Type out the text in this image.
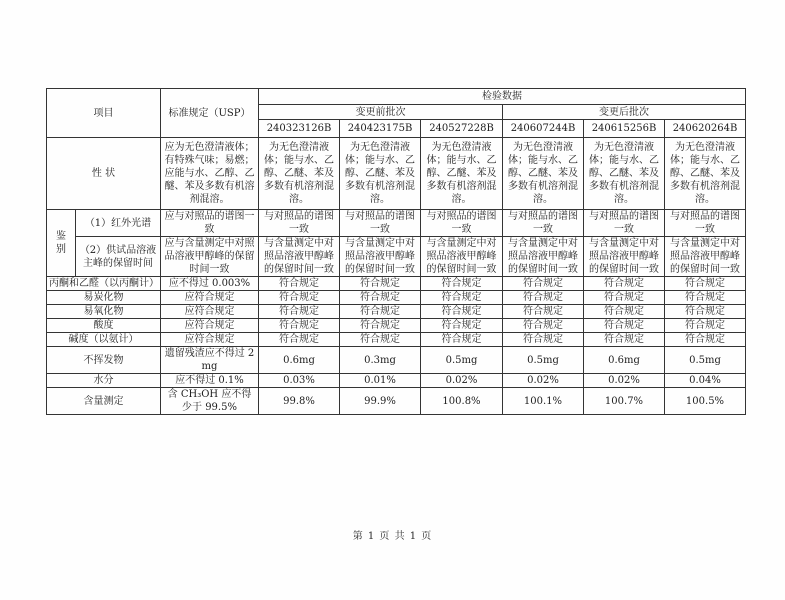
项目		标准规定（USP）	检验数据					
			变更前批次			变更后批次		
			240323126B	240423175B	240527228B	240607244B	240615256B	240620264B
性 状		应为无色澄清液体；有特殊气味；易燃；应能与水、乙醇、乙醚、苯及多数有机溶剂混溶。	为无色澄清液体；能与水、乙醇、乙醚、苯及多数有机溶剂混溶。	为无色澄清液体；能与水、乙醇、乙醚、苯及多数有机溶剂混溶。	为无色澄清液体；能与水、乙醇、乙醚、苯及多数有机溶剂混溶。	为无色澄清液体；能与水、乙醇、乙醚、苯及多数有机溶剂混溶。	为无色澄清液体；能与水、乙醇、乙醚、苯及多数有机溶剂混溶。	为无色澄清液体；能与水、乙醇、乙醚、苯及多数有机溶剂混溶。
鉴别	（1）红外光谱	应与对照品的谱图一致	与对照品的谱图一致	与对照品的谱图一致	与对照品的谱图一致	与对照品的谱图一致	与对照品的谱图一致	与对照品的谱图一致
	（2）供试品溶液主峰的保留时间	应与含量测定中对照品溶液甲醇峰的保留时间一致	与含量测定中对照品溶液甲醇峰的保留时间一致	与含量测定中对照品溶液甲醇峰的保留时间一致	与含量测定中对照品溶液甲醇峰的保留时间一致	与含量测定中对照品溶液甲醇峰的保留时间一致	与含量测定中对照品溶液甲醇峰的保留时间一致	与含量测定中对照品溶液甲醇峰的保留时间一致
丙酮和乙醛（以丙酮计）		应不得过 0.003%	符合规定	符合规定	符合规定	符合规定	符合规定	符合规定
易炭化物		应符合规定	符合规定	符合规定	符合规定	符合规定	符合规定	符合规定
易氧化物		应符合规定	符合规定	符合规定	符合规定	符合规定	符合规定	符合规定
酸度		应符合规定	符合规定	符合规定	符合规定	符合规定	符合规定	符合规定
碱度（以氨计）		应符合规定	符合规定	符合规定	符合规定	符合规定	符合规定	符合规定
不挥发物		遗留残渣应不得过 2mg	0.6mg	0.3mg	0.5mg	0.5mg	0.6mg	0.5mg
水分		应不得过 0.1%	0.03%	0.01%	0.02%	0.02%	0.02%	0.04%
含量测定		含 CH₃OH 应不得少于 99.5%	99.8%	99.9%	100.8%	100.1%	100.7%	100.5%
第 1 页 共 1 页
